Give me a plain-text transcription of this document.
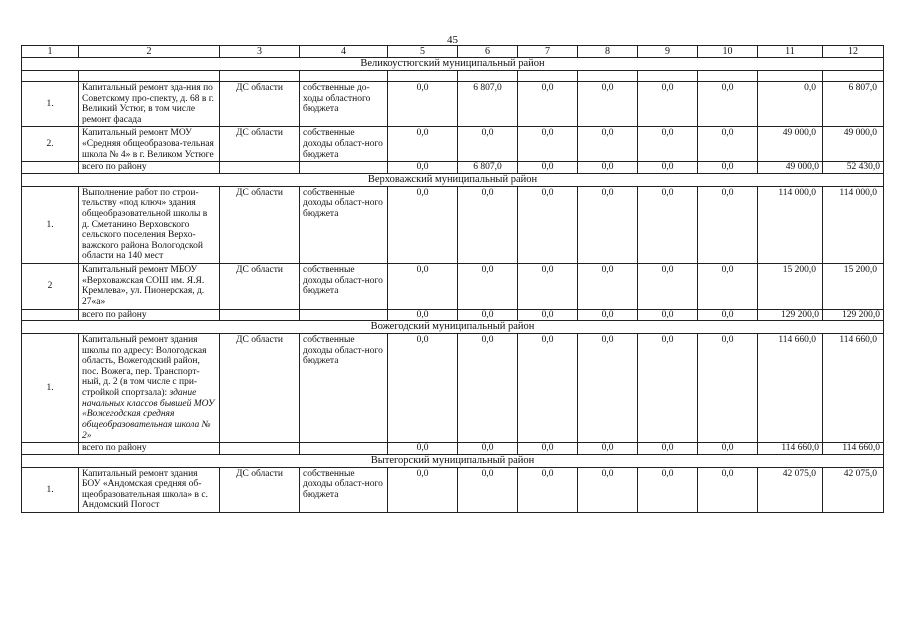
45
1	2	3	4	5	6	7	8	9	10	11	12
Великоустюгский муниципальный район											

1.	Капитальный ремонт зда-ния по Советскому про-спекту, д. 68 в г. Великий Устюг, в том числе ремонт фасада	ДС области	собственные до-ходы областного бюджета	0,0	6 807,0	0,0	0,0	0,0	0,0	0,0	6 807,0
2.	Капитальный ремонт МОУ «Средняя общеобразова-тельная школа № 4» в г. Великом Устюге	ДС области	собственные доходы област-ного бюджета	0,0	0,0	0,0	0,0	0,0	0,0	49 000,0	49 000,0
	всего по району			0,0	6 807,0	0,0	0,0	0,0	0,0	49 000,0	52 430,0
Верховажский муниципальный район											
1.	Выполнение работ по строи-тельству «под ключ» здания общеобразовательной школы в д. Сметанино Верховского сельского поселения Верхо-важского района Вологодской области на 140 мест	ДС области	собственные доходы област-ного бюджета	0,0	0,0	0,0	0,0	0,0	0,0	114 000,0	114 000,0
2	Капитальный ремонт МБОУ «Верховажская СОШ им. Я.Я. Кремлева», ул. Пионерская, д. 27«а»	ДС области	собственные доходы област-ного бюджета	0,0	0,0	0,0	0,0	0,0	0,0	15 200,0	15 200,0
	всего по району			0,0	0,0	0,0	0,0	0,0	0,0	129 200,0	129 200,0
Вожегодский муниципальный район											
1.	Капитальный ремонт здания школы по адресу: Вологодская область, Вожегодский район, пос. Вожега, пер. Транспорт-ный, д. 2 (в том числе с при-стройкой спортзала): здание начальных классов бывшей МОУ «Вожегодская средняя общеобразовательная школа № 2»	ДС области	собственные доходы област-ного бюджета	0,0	0,0	0,0	0,0	0,0	0,0	114 660,0	114 660,0
	всего по району			0,0	0,0	0,0	0,0	0,0	0,0	114 660,0	114 660,0
Вытегорский муниципальный район											
1.	Капитальный ремонт здания БОУ «Андомская средняя об-щеобразовательная школа» в с. Андомский Погост	ДС области	собственные доходы област-ного бюджета	0,0	0,0	0,0	0,0	0,0	0,0	42 075,0	42 075,0
